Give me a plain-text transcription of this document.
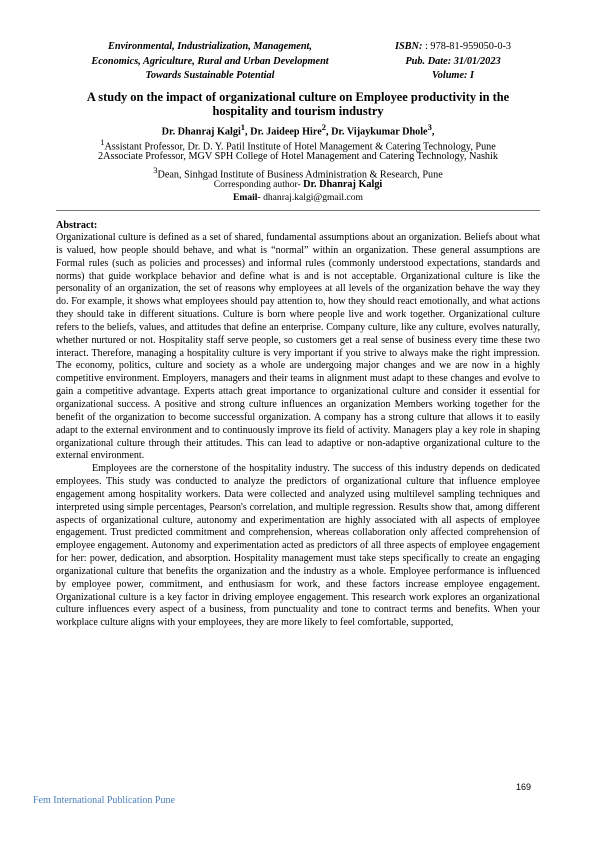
Environmental, Industrialization, Management,
Economics, Agriculture, Rural and Urban Development
Towards Sustainable Potential
ISBN: : 978-81-959050-0-3
Pub. Date: 31/01/2023
Volume: I
A study on the impact of organizational culture on Employee productivity in the
hospitality and tourism industry
Dr. Dhanraj Kalgi$^1$, Dr. Jaideep Hire$^2$, Dr. Vijaykumar Dhole$^3$,
$^1$Assistant Professor, Dr. D. Y. Patil Institute of Hotel Management & Catering Technology, Pune
2Associate Professor, MGV SPH College of Hotel Management and Catering Technology, Nashik
$^3$Dean, Sinhgad Institute of Business Administration & Research, Pune
Corresponding author- Dr. Dhanraj Kalgi
Email- dhanraj.kalgi@gmail.com
Abstract:

Organizational culture is defined as a set of shared, fundamental assumptions about an organization. Beliefs about what is valued, how people should behave, and what is “normal” within an organization. These general assumptions are Formal rules (such as policies and processes) and informal rules (commonly understood expectations, standards and norms) that guide workplace behavior and define what is and is not acceptable. Organizational culture is like the personality of an organization, the set of reasons why employees at all levels of the organization behave the way they do. For example, it shows what employees should pay attention to, how they should react emotionally, and what actions they should take in different situations. Culture is born where people live and work together. Organizational culture refers to the beliefs, values, and attitudes that define an enterprise. Company culture, like any culture, evolves naturally, whether nurtured or not. Hospitality staff serve people, so customers get a real sense of business every time these two interact. Therefore, managing a hospitality culture is very important if you strive to always make the right impression. The economy, politics, culture and society as a whole are undergoing major changes and we are now in a highly competitive environment. Employers, managers and their teams in alignment must adapt to these changes and evolve to gain a competitive advantage. Experts attach great importance to organizational culture and consider it essential for organizational success. A positive and strong culture influences an organization Members working together for the benefit of the organization to become successful organization. A company has a strong culture that allows it to easily adapt to the external environment and to continuously improve its field of activity. Managers play a key role in shaping organizational culture through their attitudes. This can lead to adaptive or non-adaptive organizational culture to the external environment.

Employees are the cornerstone of the hospitality industry. The success of this industry depends on dedicated employees. This study was conducted to analyze the predictors of organizational culture that influence employee engagement among hospitality workers. Data were collected and analyzed using multilevel sampling techniques and interpreted using simple percentages, Pearson's correlation, and multiple regression. Results show that, among different aspects of organizational culture, autonomy and experimentation are highly associated with all aspects of employee engagement. Trust predicted commitment and comprehension, whereas collaboration only affected comprehension of employee engagement. Autonomy and experimentation acted as predictors of all three aspects of employee engagement for her: power, dedication, and absorption. Hospitality management must take steps specifically to create an engaging organizational culture that benefits the organization and the industry as a whole. Employee performance is influenced by employee power, commitment, and enthusiasm for work, and these factors increase employee engagement. Organizational culture is a key factor in driving employee engagement. This research work explores an organizational culture influences every aspect of a business, from punctuality and tone to contract terms and benefits. When your workplace culture aligns with your employees, they are more likely to feel comfortable, supported,

169
Fem International Publication Pune
